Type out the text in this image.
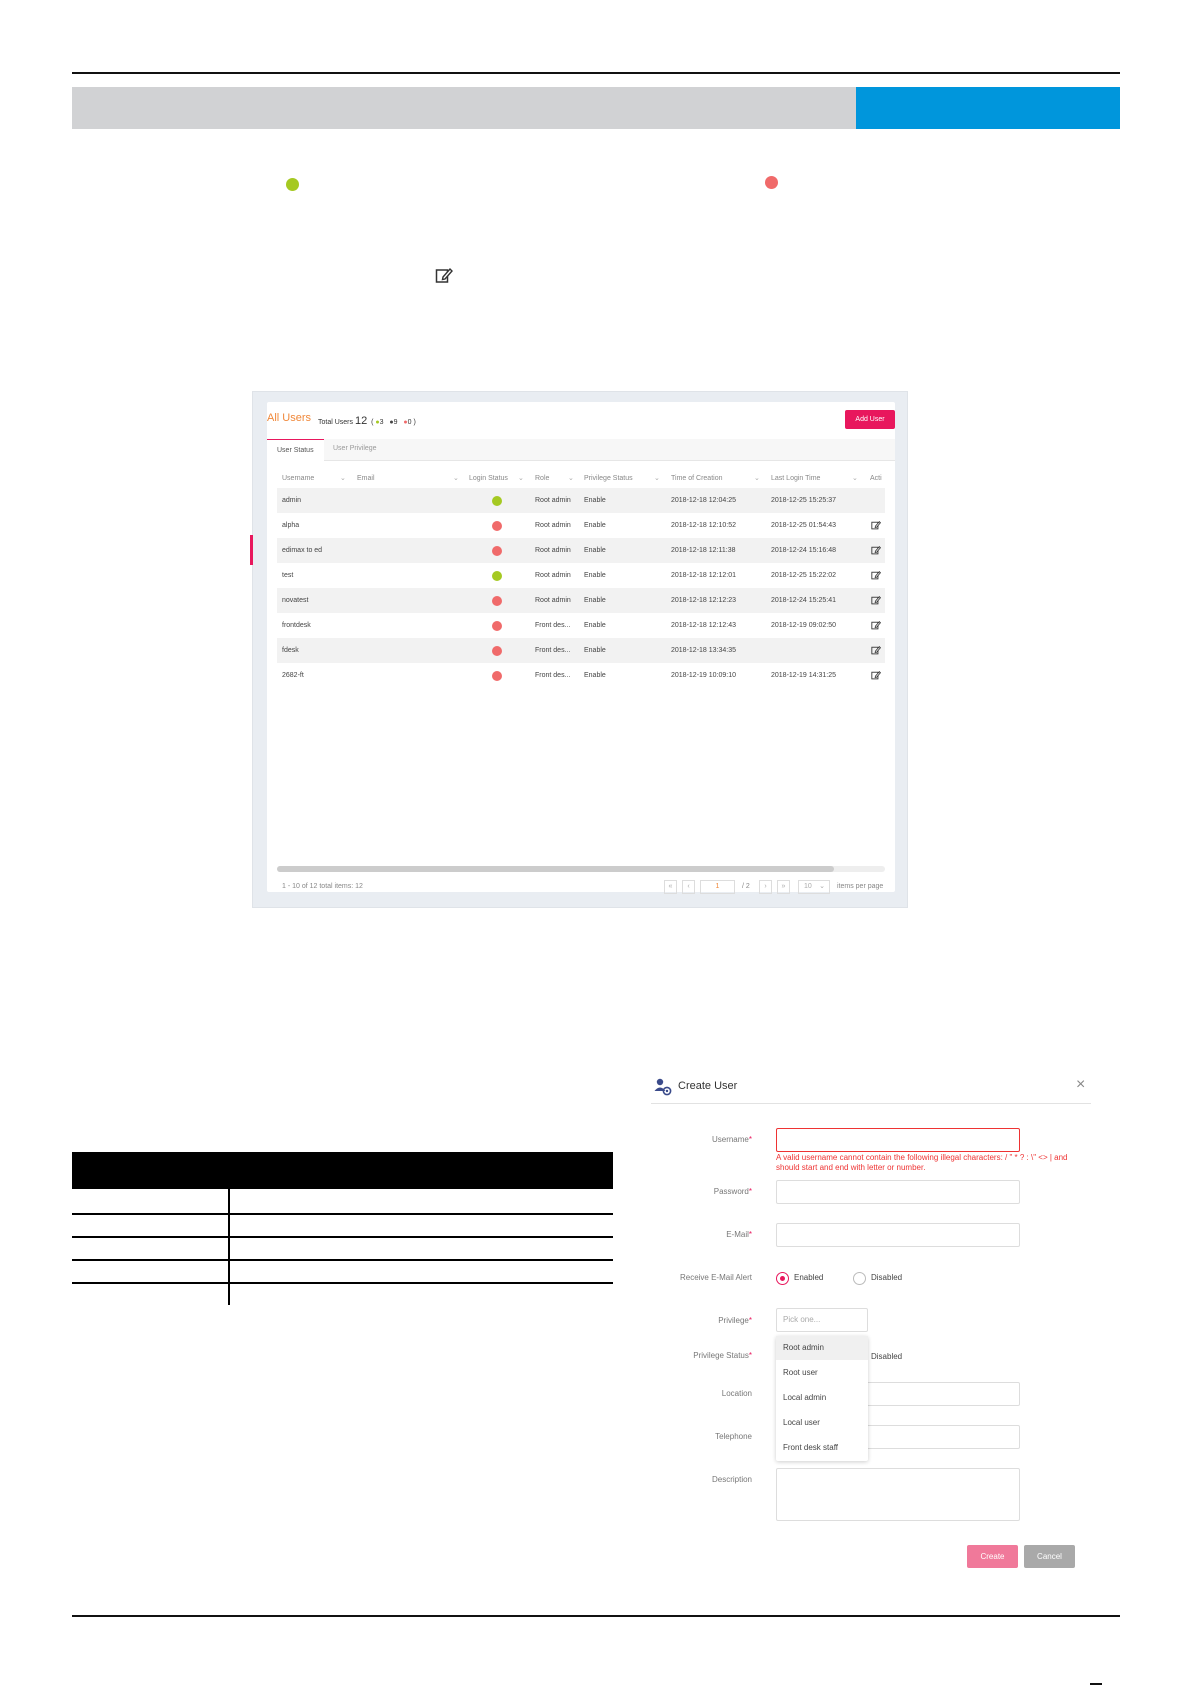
All Users Total Users 12 ( ●3 ●9 ●0 )	Add User
User Status	User Privilege
Username	⌄ Email	⌄ Login Status ⌄ Role	⌄ Privilege Status	⌄ Time of Creation	⌄ Last Login Time	⌄ Acti
admin	Root admin Enable	2018-12-18 12:04:25	2018-12-25 15:25:37
alpha	Root admin Enable	2018-12-18 12:10:52	2018-12-25 01:54:43
edimax to ed	Root admin Enable	2018-12-18 12:11:38	2018-12-24 15:16:48
test	Root admin Enable	2018-12-18 12:12:01	2018-12-25 15:22:02
novatest	Root admin Enable	2018-12-18 12:12:23	2018-12-24 15:25:41
frontdesk	Front des... Enable	2018-12-18 12:12:43	2018-12-19 09:02:50
fdesk	Front des... Enable	2018-12-18 13:34:35
2682-ft	Front des... Enable	2018-12-19 10:09:10	2018-12-19 14:31:25
1 - 10 of 12 total items: 12	«	‹	1	/ 2	›	»	10 ⌄ items per page
Create User	×
Username*
A valid username cannot contain the following illegal characters: / " * ? : \" <> | and should start and end with letter or number.
Password*
E-Mail*
Receive E-Mail Alert	Enabled	Disabled
Privilege*	Pick one...
Privilege Status*	Disabled
Location
Telephone
Description
Root admin
Root user
Local admin
Local user
Front desk staff
Create	Cancel
